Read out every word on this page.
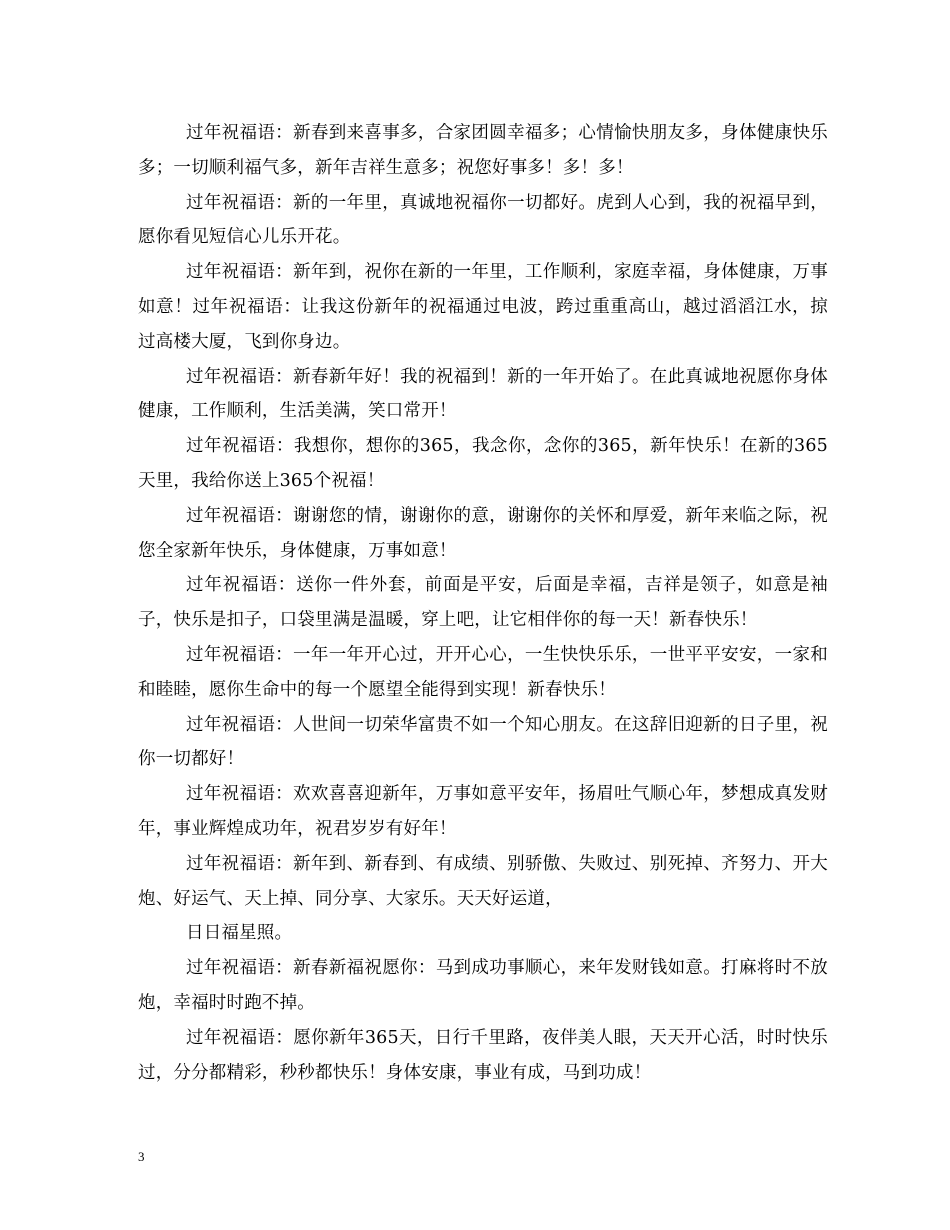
过年祝福语：新春到来喜事多，合家团圆幸福多；心情愉快朋友多，身体健康快乐多；一切顺利福气多，新年吉祥生意多；祝您好事多！多！多！

过年祝福语：新的一年里，真诚地祝福你一切都好。虎到人心到，我的祝福早到，愿你看见短信心儿乐开花。

过年祝福语：新年到，祝你在新的一年里，工作顺利，家庭幸福，身体健康，万事如意！过年祝福语：让我这份新年的祝福通过电波，跨过重重高山，越过滔滔江水，掠过高楼大厦，飞到你身边。

过年祝福语：新春新年好！我的祝福到！新的一年开始了。在此真诚地祝愿你身体健康，工作顺利，生活美满，笑口常开！

过年祝福语：我想你，想你的365，我念你，念你的365，新年快乐！在新的365天里，我给你送上365个祝福！

过年祝福语：谢谢您的情，谢谢你的意，谢谢你的关怀和厚爱，新年来临之际，祝您全家新年快乐，身体健康，万事如意！

过年祝福语：送你一件外套，前面是平安，后面是幸福，吉祥是领子，如意是袖子，快乐是扣子，口袋里满是温暖，穿上吧，让它相伴你的每一天！新春快乐！

过年祝福语：一年一年开心过，开开心心，一生快快乐乐，一世平平安安，一家和和睦睦，愿你生命中的每一个愿望全能得到实现！新春快乐！

过年祝福语：人世间一切荣华富贵不如一个知心朋友。在这辞旧迎新的日子里，祝你一切都好！

过年祝福语：欢欢喜喜迎新年，万事如意平安年，扬眉吐气顺心年，梦想成真发财年，事业辉煌成功年，祝君岁岁有好年！

过年祝福语：新年到、新春到、有成绩、别骄傲、失败过、别死掉、齐努力、开大炮、好运气、天上掉、同分享、大家乐。天天好运道，

日日福星照。

过年祝福语：新春新福祝愿你：马到成功事顺心，来年发财钱如意。打麻将时不放炮，幸福时时跑不掉。

过年祝福语：愿你新年365天，日行千里路，夜伴美人眼，天天开心活，时时快乐过，分分都精彩，秒秒都快乐！身体安康，事业有成，马到功成！

3
